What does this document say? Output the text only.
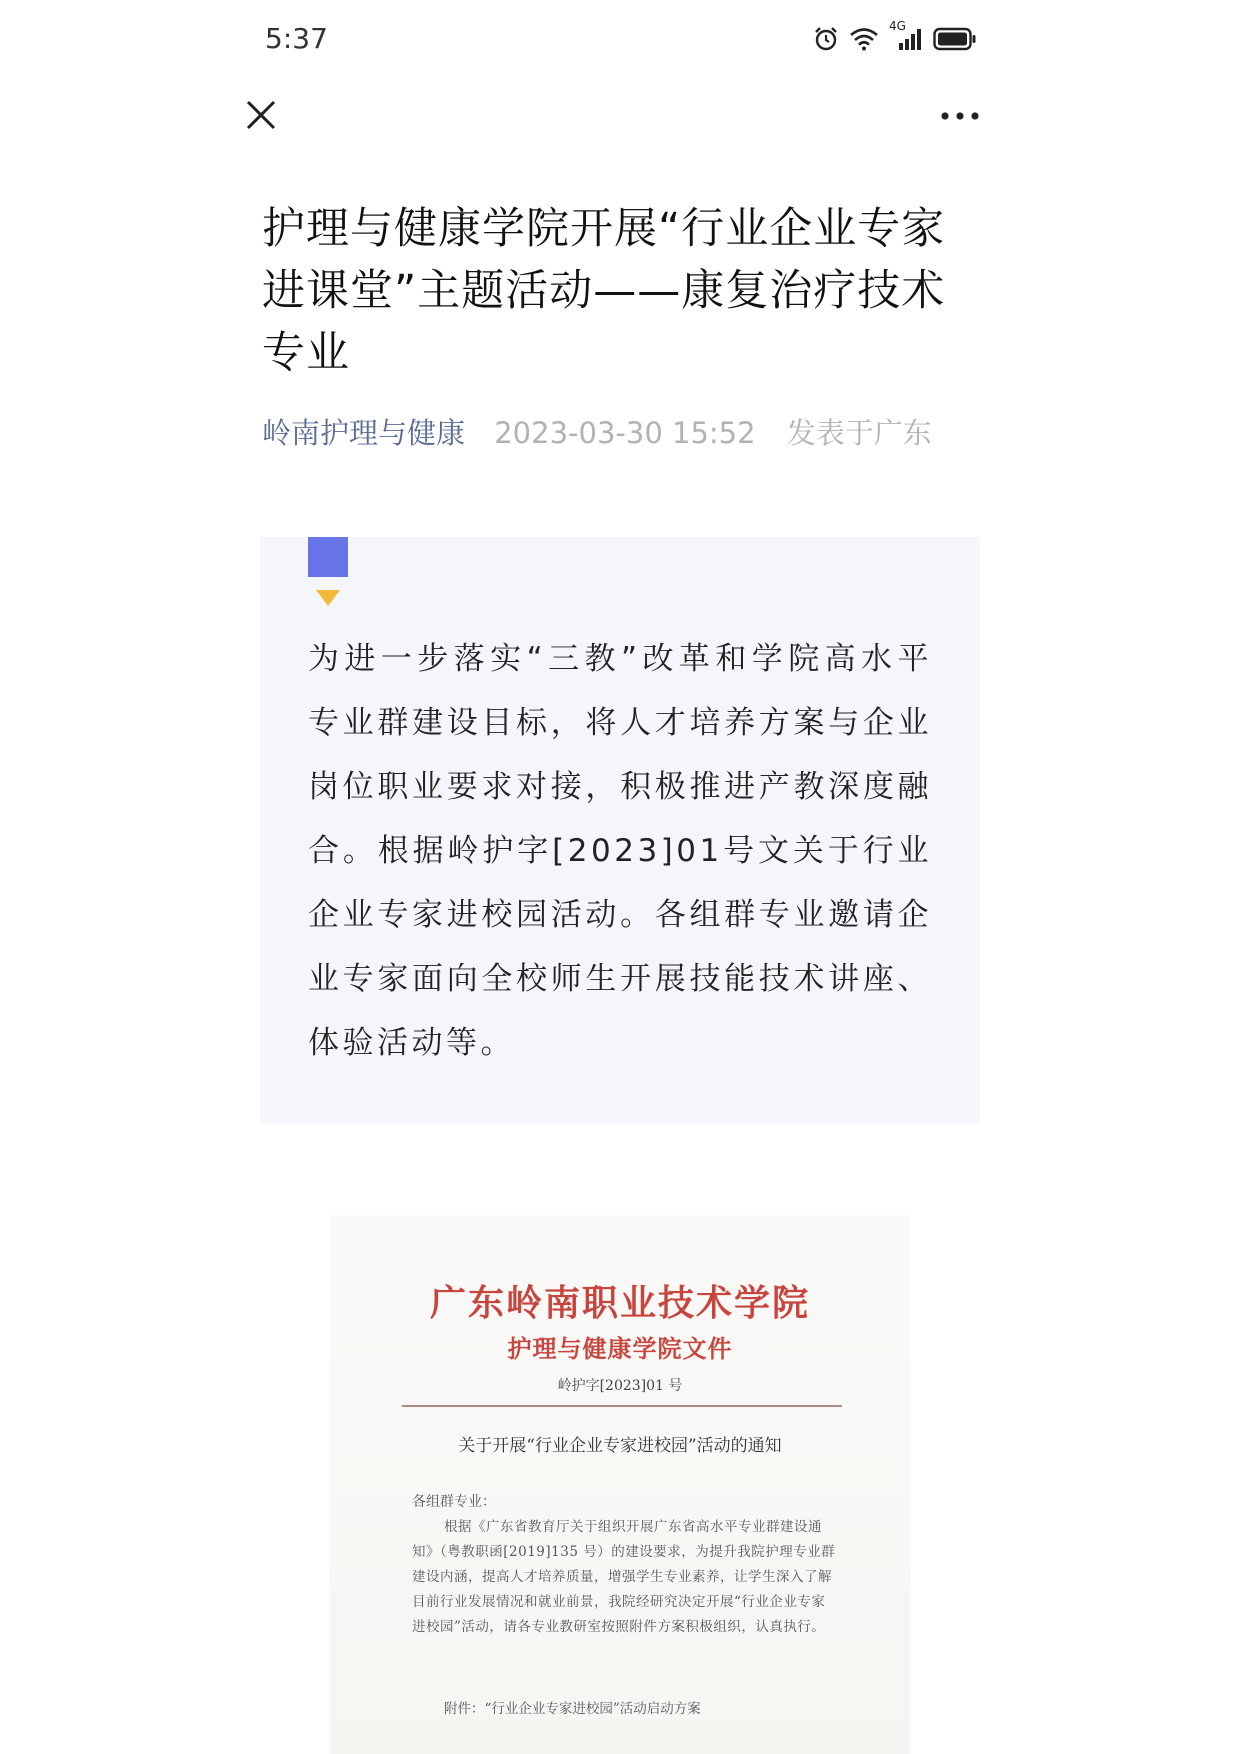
5:37	4G
护理与健康学院开展“行业企业专家进课堂”主题活动——康复治疗技术专业
岭南护理与健康 2023-03-30 15:52 发表于广东
为进一步落实“三教”改革和学院高水平专业群建设目标，将人才培养方案与企业岗位职业要求对接，积极推进产教深度融合。根据岭护字[2023]01号文关于行业企业专家进校园活动。各组群专业邀请企业专家面向全校师生开展技能技术讲座、体验活动等。
广东岭南职业技术学院
护理与健康学院文件
岭护字[2023]01 号
关于开展“行业企业专家进校园”活动的通知
各组群专业：
根据《广东省教育厅关于组织开展广东省高水平专业群建设通知》（粤教职函[2019]135 号）的建设要求，为提升我院护理专业群建设内涵，提高人才培养质量，增强学生专业素养，让学生深入了解目前行业发展情况和就业前景，我院经研究决定开展“行业企业专家进校园”活动，请各专业教研室按照附件方案积极组织，认真执行。
附件：“行业企业专家进校园”活动启动方案
